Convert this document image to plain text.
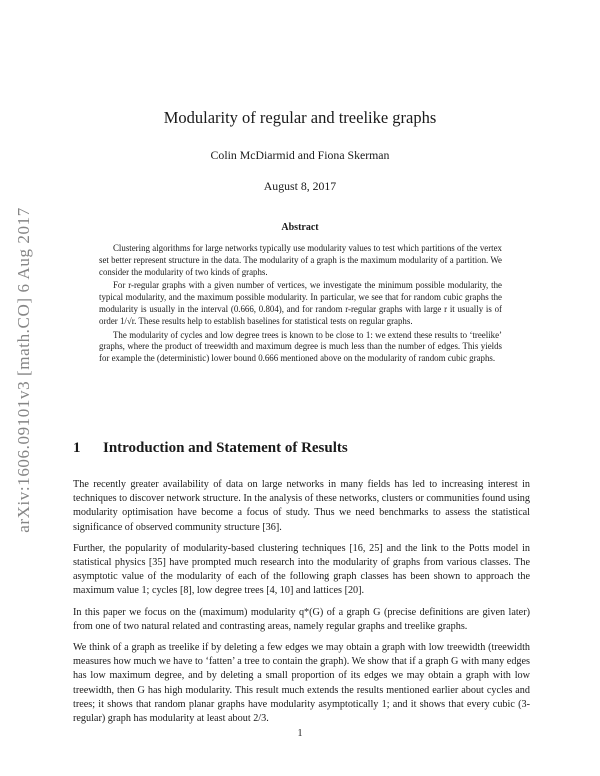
arXiv:1606.09101v3 [math.CO] 6 Aug 2017
Modularity of regular and treelike graphs
Colin McDiarmid and Fiona Skerman
August 8, 2017
Abstract

Clustering algorithms for large networks typically use modularity values to test which partitions of the vertex set better represent structure in the data. The modularity of a graph is the maximum modularity of a partition. We consider the modularity of two kinds of graphs.

For r-regular graphs with a given number of vertices, we investigate the minimum possible modularity, the typical modularity, and the maximum possible modularity. In particular, we see that for random cubic graphs the modularity is usually in the interval (0.666, 0.804), and for random r-regular graphs with large r it usually is of order 1/√r. These results help to establish baselines for statistical tests on regular graphs.

The modularity of cycles and low degree trees is known to be close to 1: we extend these results to ‘treelike’ graphs, where the product of treewidth and maximum degree is much less than the number of edges. This yields for example the (deterministic) lower bound 0.666 mentioned above on the modularity of random cubic graphs.

1 Introduction and Statement of Results

The recently greater availability of data on large networks in many fields has led to increasing interest in techniques to discover network structure. In the analysis of these networks, clusters or communities found using modularity optimisation have become a focus of study. Thus we need benchmarks to assess the statistical significance of observed community structure [36].

Further, the popularity of modularity-based clustering techniques [16, 25] and the link to the Potts model in statistical physics [35] have prompted much research into the modularity of graphs from various classes. The asymptotic value of the modularity of each of the following graph classes has been shown to approach the maximum value 1; cycles [8], low degree trees [4, 10] and lattices [20].

In this paper we focus on the (maximum) modularity q*(G) of a graph G (precise definitions are given later) from one of two natural related and contrasting areas, namely regular graphs and treelike graphs.

We think of a graph as treelike if by deleting a few edges we may obtain a graph with low treewidth (treewidth measures how much we have to ‘fatten’ a tree to contain the graph). We show that if a graph G with many edges has low maximum degree, and by deleting a small proportion of its edges we may obtain a graph with low treewidth, then G has high modularity. This result much extends the results mentioned earlier about cycles and trees; it shows that random planar graphs have modularity asymptotically 1; and it shows that every cubic (3-regular) graph has modularity at least about 2/3.

1
